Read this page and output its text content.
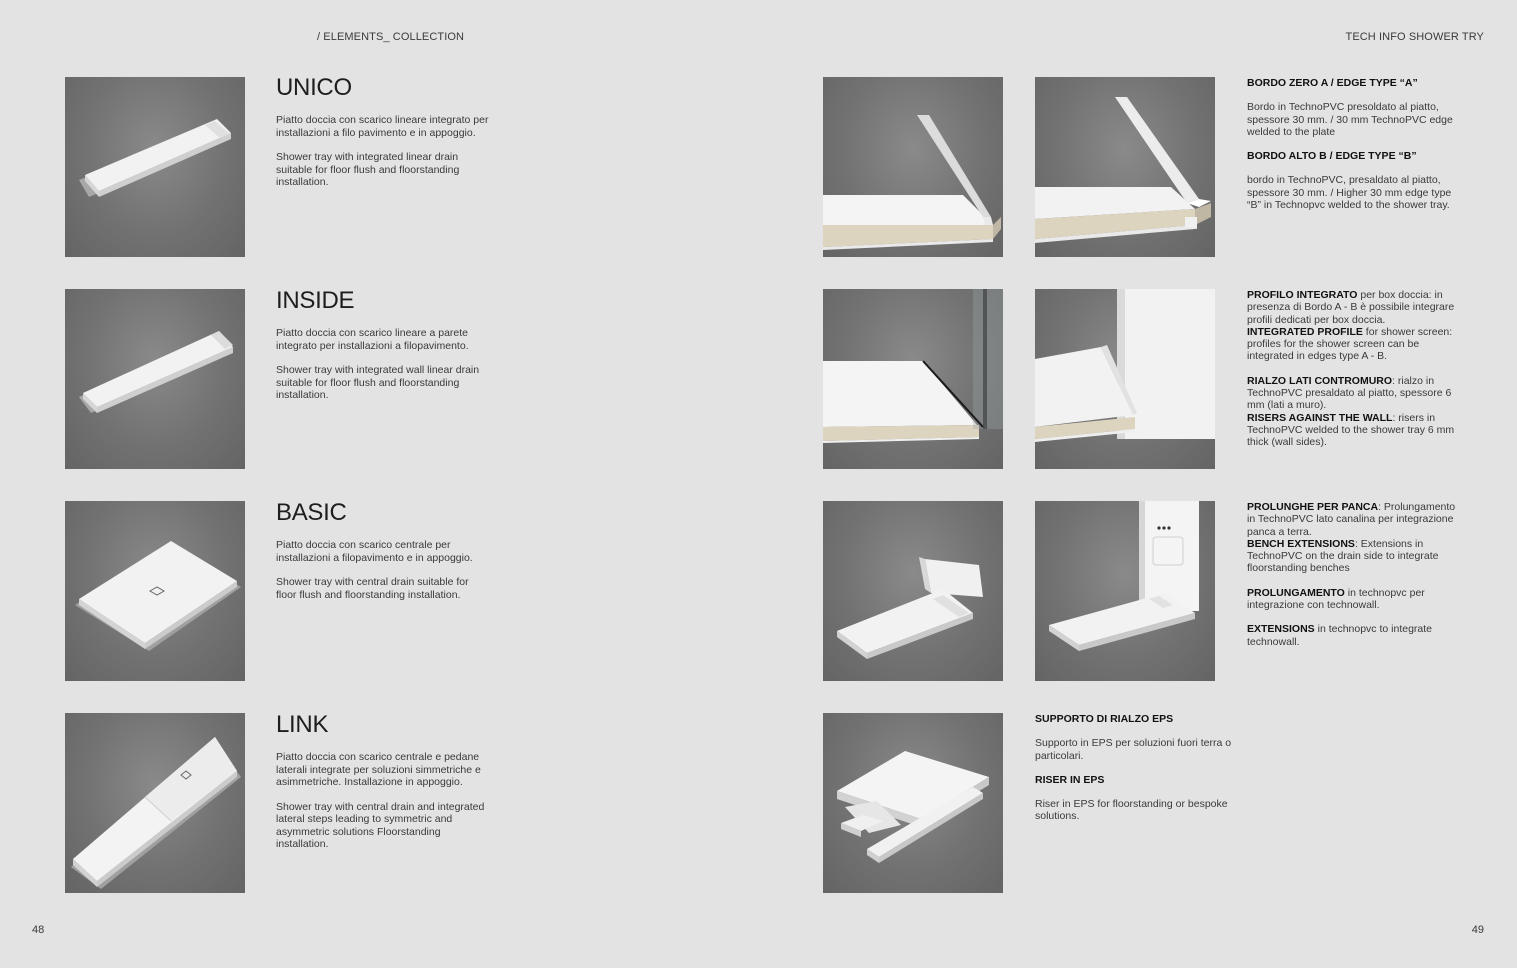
/ ELEMENTS_ COLLECTION	TECH INFO SHOWER TRY
UNICO

Piatto doccia con scarico lineare integrato per installazioni a filo pavimento e in appoggio.

Shower tray with integrated linear drain suitable for floor flush and floorstanding installation.

INSIDE

Piatto doccia con scarico lineare a parete integrato per installazioni a filopavimento.

Shower tray with integrated wall linear drain suitable for floor flush and floorstanding installation.

BASIC

Piatto doccia con scarico centrale per installazioni a filopavimento e in appoggio.

Shower tray with central drain suitable for floor flush and floorstanding installation.

LINK

Piatto doccia con scarico centrale e pedane laterali integrate per soluzioni simmetriche e asimmetriche. Installazione in appoggio.

Shower tray with central drain and integrated lateral steps leading to symmetric and asymmetric solutions Floorstanding installation.

BORDO ZERO A / EDGE TYPE “A”

Bordo in TechnoPVC presoldato al piatto, spessore 30 mm. / 30 mm TechnoPVC edge welded to the plate

BORDO ALTO B / EDGE TYPE “B”

bordo in TechnoPVC, presaldato al piatto, spessore 30 mm. / Higher 30 mm edge type “B” in Technopvc welded to the shower tray.

PROFILO INTEGRATO per box doccia: in presenza di Bordo A - B è possibile integrare profili dedicati per box doccia.

INTEGRATED PROFILE for shower screen: profiles for the shower screen can be integrated in edges type A - B.

RIALZO LATI CONTROMURO: rialzo in TechnoPVC presaldato al piatto, spessore 6 mm (lati a muro).

RISERS AGAINST THE WALL: risers in TechnoPVC welded to the shower tray 6 mm thick (wall sides).

PROLUNGHE PER PANCA: Prolungamento in TechnoPVC lato canalina per integrazione panca a terra.

BENCH EXTENSIONS: Extensions in TechnoPVC on the drain side to integrate floorstanding benches

PROLUNGAMENTO in technopvc per integrazione con technowall.

EXTENSIONS in technopvc to integrate technowall.

SUPPORTO DI RIALZO EPS

Supporto in EPS per soluzioni fuori terra o particolari.

RISER IN EPS

Riser in EPS for floorstanding or bespoke solutions.

48	49
